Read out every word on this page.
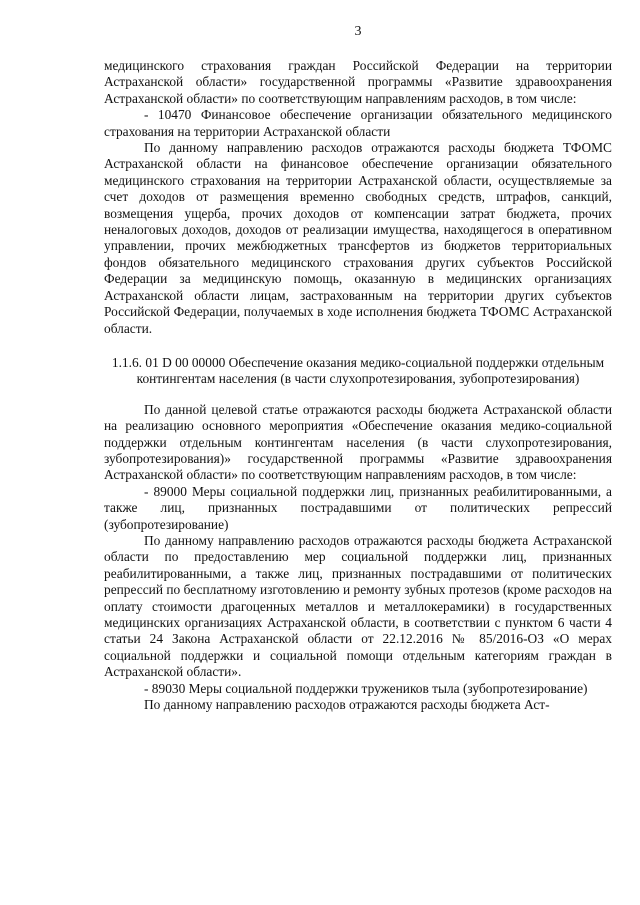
3

медицинского страхования граждан Российской Федерации на территории Астраханской области» государственной программы «Развитие здравоохранения Астраханской области» по соответствующим направлениям расходов, в том числе:

- 10470 Финансовое обеспечение организации обязательного медицинского страхования на территории Астраханской области

По данному направлению расходов отражаются расходы бюджета ТФОМС Астраханской области на финансовое обеспечение организации обязательного медицинского страхования на территории Астраханской области, осуществляемые за счет доходов от размещения временно свободных средств, штрафов, санкций, возмещения ущерба, прочих доходов от компенсации затрат бюджета, прочих неналоговых доходов, доходов от реализации имущества, находящегося в оперативном управлении, прочих межбюджетных трансфертов из бюджетов территориальных фондов обязательного медицинского страхования других субъектов Российской Федерации за медицинскую помощь, оказанную в медицинских организациях Астраханской области лицам, застрахованным на территории других субъектов Российской Федерации, получаемых в ходе исполнения бюджета ТФОМС Астраханской области.

1.1.6. 01 D 00 00000 Обеспечение оказания медико-социальной поддержки отдельным контингентам населения (в части слухопротезирования, зубопротезирования)

По данной целевой статье отражаются расходы бюджета Астраханской области на реализацию основного мероприятия «Обеспечение оказания медико-социальной поддержки отдельным контингентам населения (в части слухопротезирования, зубопротезирования)» государственной программы «Развитие здравоохранения Астраханской области» по соответствующим направлениям расходов, в том числе:

- 89000 Меры социальной поддержки лиц, признанных реабилитированными, а также лиц, признанных пострадавшими от политических репрессий (зубопротезирование)

По данному направлению расходов отражаются расходы бюджета Астраханской области по предоставлению мер социальной поддержки лиц, признанных реабилитированными, а также лиц, признанных пострадавшими от политических репрессий по бесплатному изготовлению и ремонту зубных протезов (кроме расходов на оплату стоимости драгоценных металлов и металлокерамики) в государственных медицинских организациях Астраханской области, в соответствии с пунктом 6 части 4 статьи 24 Закона Астраханской области от 22.12.2016 № 85/2016-ОЗ «О мерах социальной поддержки и социальной помощи отдельным категориям граждан в Астраханской области».

- 89030 Меры социальной поддержки тружеников тыла (зубопротезирование)

По данному направлению расходов отражаются расходы бюджета Аст-
